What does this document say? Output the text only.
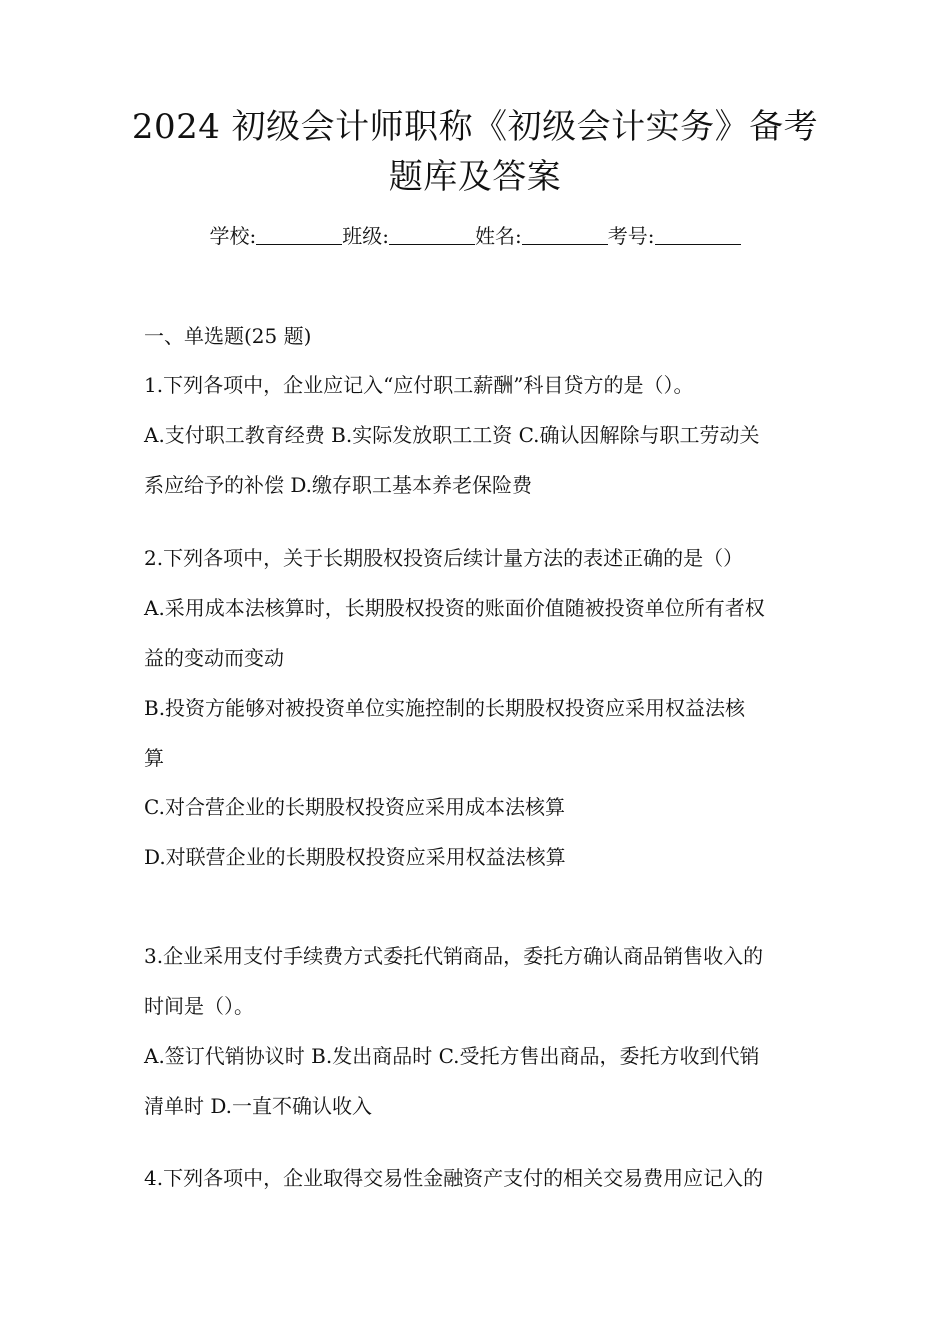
2024 初级会计师职称《初级会计实务》备考
题库及答案
学校:	班级:	姓名:	考号:
一、单选题(25 题)
1.下列各项中，企业应记入“应付职工薪酬”科目贷方的是（）。
A.支付职工教育经费 B.实际发放职工工资 C.确认因解除与职工劳动关
系应给予的补偿 D.缴存职工基本养老保险费
2.下列各项中，关于长期股权投资后续计量方法的表述正确的是（）
A.采用成本法核算时，长期股权投资的账面价值随被投资单位所有者权
益的变动而变动
B.投资方能够对被投资单位实施控制的长期股权投资应采用权益法核
算
C.对合营企业的长期股权投资应采用成本法核算
D.对联营企业的长期股权投资应采用权益法核算
3.企业采用支付手续费方式委托代销商品，委托方确认商品销售收入的
时间是（）。
A.签订代销协议时 B.发出商品时 C.受托方售出商品，委托方收到代销
清单时 D.一直不确认收入
4.下列各项中，企业取得交易性金融资产支付的相关交易费用应记入的
